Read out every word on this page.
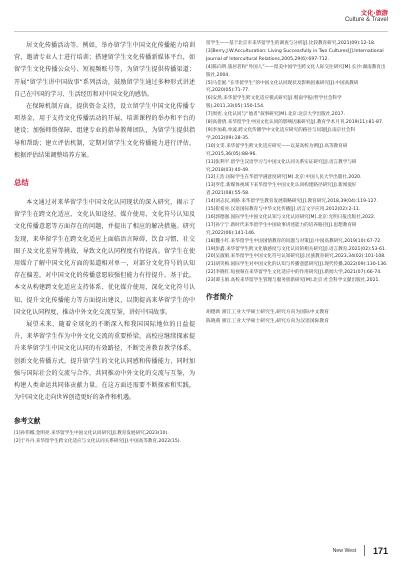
文化·旅游
Culture & Travel

居文化传播活动等。例如，举办留学生中国文化传播能力培训营，邀请专业人士进行培训；搭建留学生文化传播新媒体平台，如留学生文化传播公众号、短视频账号等，为留学生提供传播渠道；开展“留学生讲中国故事”系列活动，鼓励留学生通过多种形式讲述自己在中国的学习、生活经历和对中国文化的感悟。

在保障机制方面，提供资金支持，设立留学生中国文化传播专项基金，用于支持文化传播活动的开展、培训课程的举办和平台的建设；加强师资保障，组建专业的指导教师团队，为留学生提供指导和帮助；建立评估机制，定期对留学生文化传播能力进行评估，根据评估结果调整培养方案。

总结

本文通过对来华留学生中国文化认同现状的深入研究，揭示了留学生在跨文化适应、文化认知途径、媒介使用、文化符号认知及文化传播意愿等方面存在的问题，并提出了相应的解决措施。研究发现，来华留学生在跨文化适应上面临语言障碍、饮食习惯、社交圈子及文化差异等挑战，导致文化认同程度有待提高。留学生在使用媒介了解中国文化方面的渠道相对单一，对部分文化符号的认知存在偏差，对中国文化的传播意愿较强但能力有待提升。基于此，本文从构建跨文化适应支持体系、优化媒介使用、深化文化符号认知、提升文化传播能力等方面提出建议，以期提高来华留学生的中国文化认同程度，推动中外文化交流互鉴，讲好中国故事。

展望未来，随着全球化的不断深入和我国国际地位的日益提升，来华留学生作为中外文化交流的重要桥梁，高校应继续探索提升来华留学生中国文化认同的有效路径，不断完善教育教学体系，创新文化传播方式，提升留学生的文化认同感和传播能力，同时加强与国际社会的交流与合作，共同推动中外文化的交流与互鉴，为构建人类命运共同体贡献力量。在这方面还需要不断探索和实践，为中国文化走向世界创造更好的条件和机遇。

参考文献

[1]孙伟娜,金明亮.来华留学生中国文化认同研究[J].教育发展研究,2023(10).

[2]于丹丹.来华留学生跨文化适应与文化认同关系研究[J].中国高等教育,2022(15).

留学生——基于北京市来华留学生的调查与分析[J].比较教育研究,2021(09):12-18.

[3]Berry,J.W.Acculturation: Living Successfully in Two Cultures[J].International Journal of Intercultural Relations,2005,29(6):697-712.

[4]陈向明.旅居者和“外国人”——留美中国学生跨文化人际交往研究[M].长沙:湖南教育出版社,2004.

[5]马佳妮.“在华留学生”的中国文化认同现状及影响因素研究[J].中国高教研究,2020(05):71-77.

[6]安然.来华留学生跨文化适应模式研究[J].暨南学报(哲学社会科学版),2011,33(05):150-154.

[7]周宪.文化认同与“他者”叙事研究[M].北京:北京大学出版社,2017.

[8]高倩倩.来华留学生中国文化认同的影响因素研究[J].教育学术月刊,2019(11):81-87.

[9]李加莉,单波.跨文化传播学中文化适应研究的路径与问题[J].南京社会科学,2012(09):28-35.

[10]文雯.来华留学生跨文化适应研究——以某高校为例[J].高等教育研究,2015,36(05):88-96.

[11]张利平.留学生汉语学习与中国文化认同关系实证研究[J].语言教学与研究,2018(03):40-49.

[12]王浩.国际学生在华留学满意度研究[M].北京:中国人民大学出版社,2020.

[13]罗佳.新媒体视域下来华留学生中国文化认同构建路径研究[J].新闻爱好者,2021(08):55-58.

[14]刘志民,刘路.来华留学生教育发展策略研究[J].教育研究,2018,39(04):119-127.

[15]崔希亮.汉语国际教育与中华文化传播[J].语言文字应用,2012(02):2-11.

[16]郭德强.国际学生中国文化认知与文化认同研究[M].北京:光明日报出版社,2022.

[17]孙宁宁.新时代来华留学生中国故事讲述能力的培养路径[J].思想教育研究,2022(06):141-146.

[18]魏小红.来华留学生中国国情教育的问题与对策[J].中国高教研究,2019(10):67-72.

[19]彭鑫.来华留学生跨文化敏感度与文化认同的相关研究[J].语言教育,2021(02):53-61.

[20]吴淑娟.来华留学生中国文化符号认知研究[J].民族教育研究,2023,34(02):101-108.

[21]胡笑梅.国际学生对中国文化的认知与传播意愿研究[J].现代传播,2022(09):130-136.

[22]李晓红.短视频在来华留学生文化适应中的作用研究[J].新闻大学,2021(07):66-74.

[23]谭玉娟.高校来华留学生管理与服务创新研究[M].北京:社会科学文献出版社,2021.

作者简介

胡德新 浙江工业大学硕士研究生,研究方向为国际中文教育

陈晓萌 浙江工业大学硕士研究生,研究方向为汉语国际教育

New West 171
